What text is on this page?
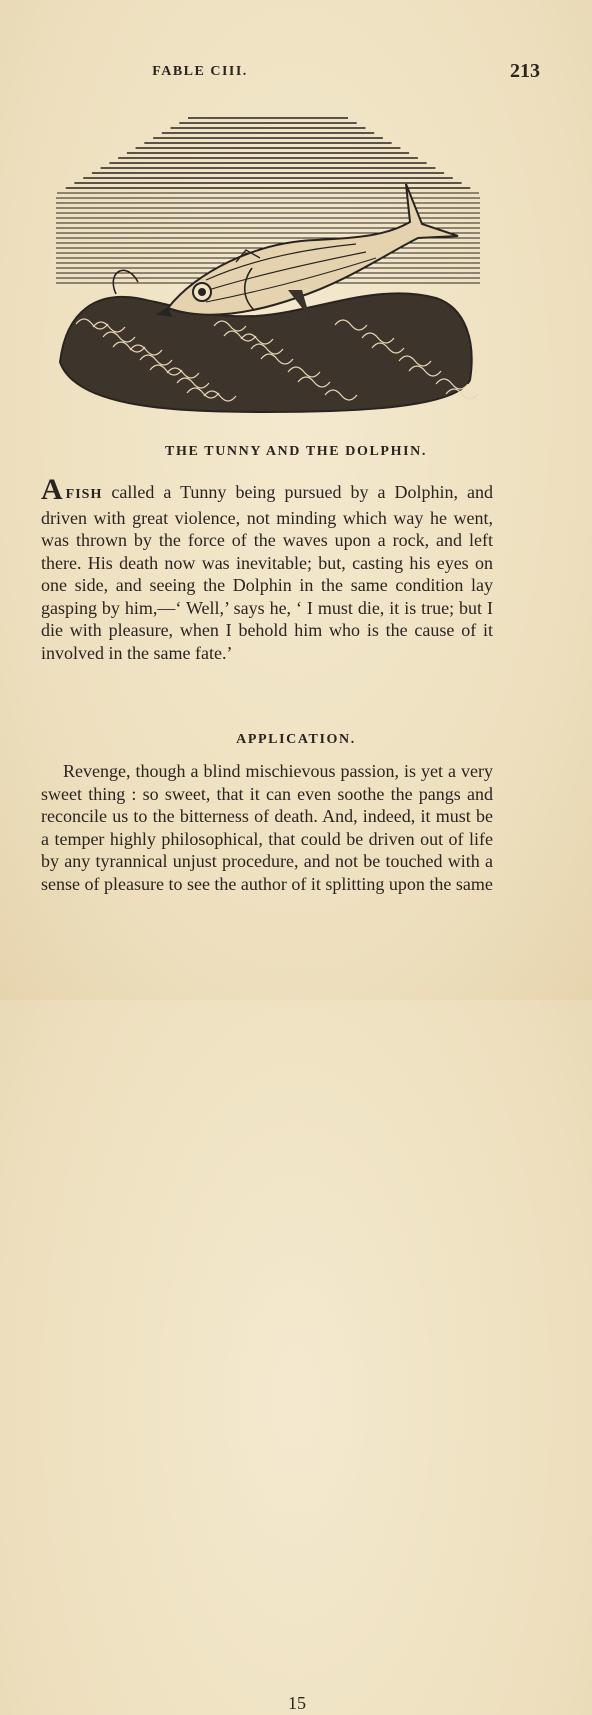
FABLE CIII.	213
THE TUNNY AND THE DOLPHIN.

AFISH called a Tunny being pursued by a Dolphin, and driven with great violence, not minding which way he went, was thrown by the force of the waves upon a rock, and left there. His death now was inevitable; but, casting his eyes on one side, and seeing the Dolphin in the same condition lay gasping by him,—‘ Well,’ says he, ‘ I must die, it is true; but I die with pleasure, when I behold him who is the cause of it involved in the same fate.’

APPLICATION.

Revenge, though a blind mischievous passion, is yet a very sweet thing : so sweet, that it can even soothe the pangs and reconcile us to the bitterness of death. And, indeed, it must be a temper highly philosophical, that could be driven out of life by any tyrannical unjust procedure, and not be touched with a sense of pleasure to see the author of it splitting upon the same

15
